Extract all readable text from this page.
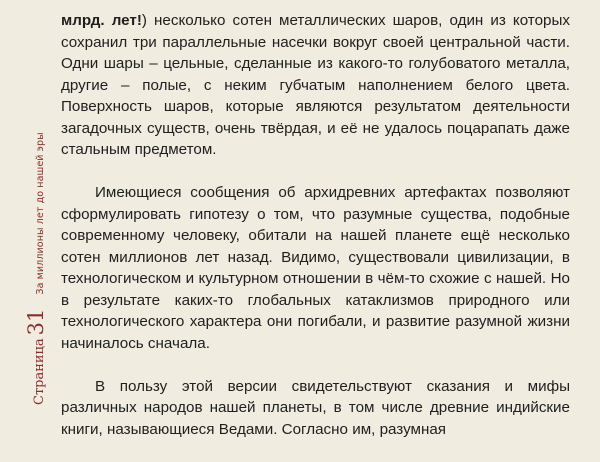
Страница
31
За миллионы лет до нашей эры

млрд. лет!) несколько сотен металлических шаров, один из которых сохранил три параллельные насечки вокруг своей центральной части. Одни шары – цельные, сделанные из какого-то голубоватого металла, другие – полые, с неким губчатым наполнением белого цвета. Поверхность шаров, которые являются результатом деятельности загадочных существ, очень твёрдая, и её не удалось поцарапать даже стальным предметом.

Имеющиеся сообщения об архидревних артефактах позволяют сформулировать гипотезу о том, что разумные существа, подобные современному человеку, обитали на нашей планете ещё несколько сотен миллионов лет назад. Видимо, существовали цивилизации, в технологическом и культурном отношении в чём-то схожие с нашей. Но в результате каких-то глобальных катаклизмов природного или технологического характера они погибали, и развитие разумной жизни начиналось сначала.

В пользу этой версии свидетельствуют сказания и мифы различных народов нашей планеты, в том числе древние индийские книги, называющиеся Ведами. Согласно им, разумная
